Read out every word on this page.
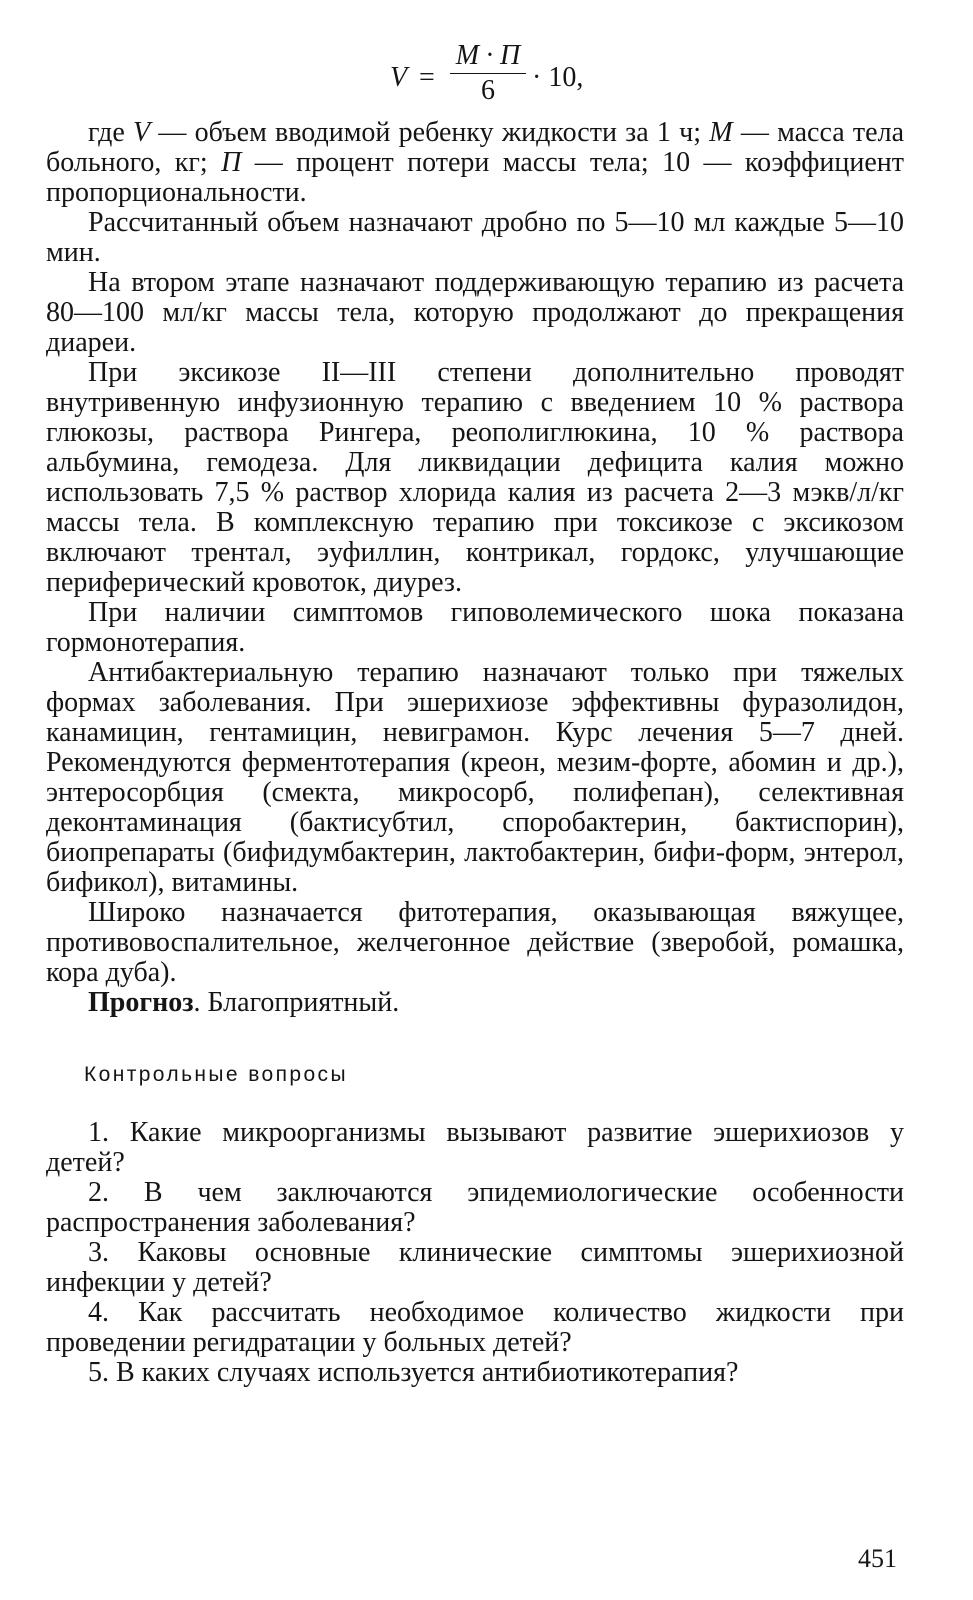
V =
M · П
6	· 10,

где V — объем вводимой ребенку жидкости за 1 ч; М — масса тела больного, кг; П — процент потери массы тела; 10 — коэффициент пропорциональности.

Рассчитанный объем назначают дробно по 5—10 мл каждые 5—10 мин.

На втором этапе назначают поддерживающую терапию из расчета 80—100 мл/кг массы тела, которую продолжают до прекращения диареи.

При эксикозе II—III степени дополнительно проводят внутривенную инфузионную терапию с введением 10 % раствора глюкозы, раствора Рингера, реополиглюкина, 10 % раствора альбумина, гемодеза. Для ликвидации дефицита калия можно использовать 7,5 % раствор хлорида калия из расчета 2—3 мэкв/л/кг массы тела. В комплексную терапию при токсикозе с эксикозом включают трентал, эуфиллин, контрикал, гордокс, улучшающие периферический кровоток, диурез.

При наличии симптомов гиповолемического шока показана гормонотерапия.

Антибактериальную терапию назначают только при тяжелых формах заболевания. При эшерихиозе эффективны фуразолидон, канамицин, гентамицин, невиграмон. Курс лечения 5—7 дней. Рекомендуются ферментотерапия (креон, мезим-форте, абомин и др.), энтеросорбция (смекта, микросорб, полифепан), селективная деконтаминация (бактисубтил, споробактерин, бактиспорин), биопрепараты (бифидумбактерин, лактобактерин, бифи-форм, энтерол, бификол), витамины.

Широко назначается фитотерапия, оказывающая вяжущее, противовоспалительное, желчегонное действие (зверобой, ромашка, кора дуба).

Прогноз. Благоприятный.

Контрольные вопросы

1. Какие микроорганизмы вызывают развитие эшерихиозов у детей?

2. В чем заключаются эпидемиологические особенности распространения заболевания?

3. Каковы основные клинические симптомы эшерихиозной инфекции у детей?

4. Как рассчитать необходимое количество жидкости при проведении регидратации у больных детей?

5. В каких случаях используется антибиотикотерапия?

451
